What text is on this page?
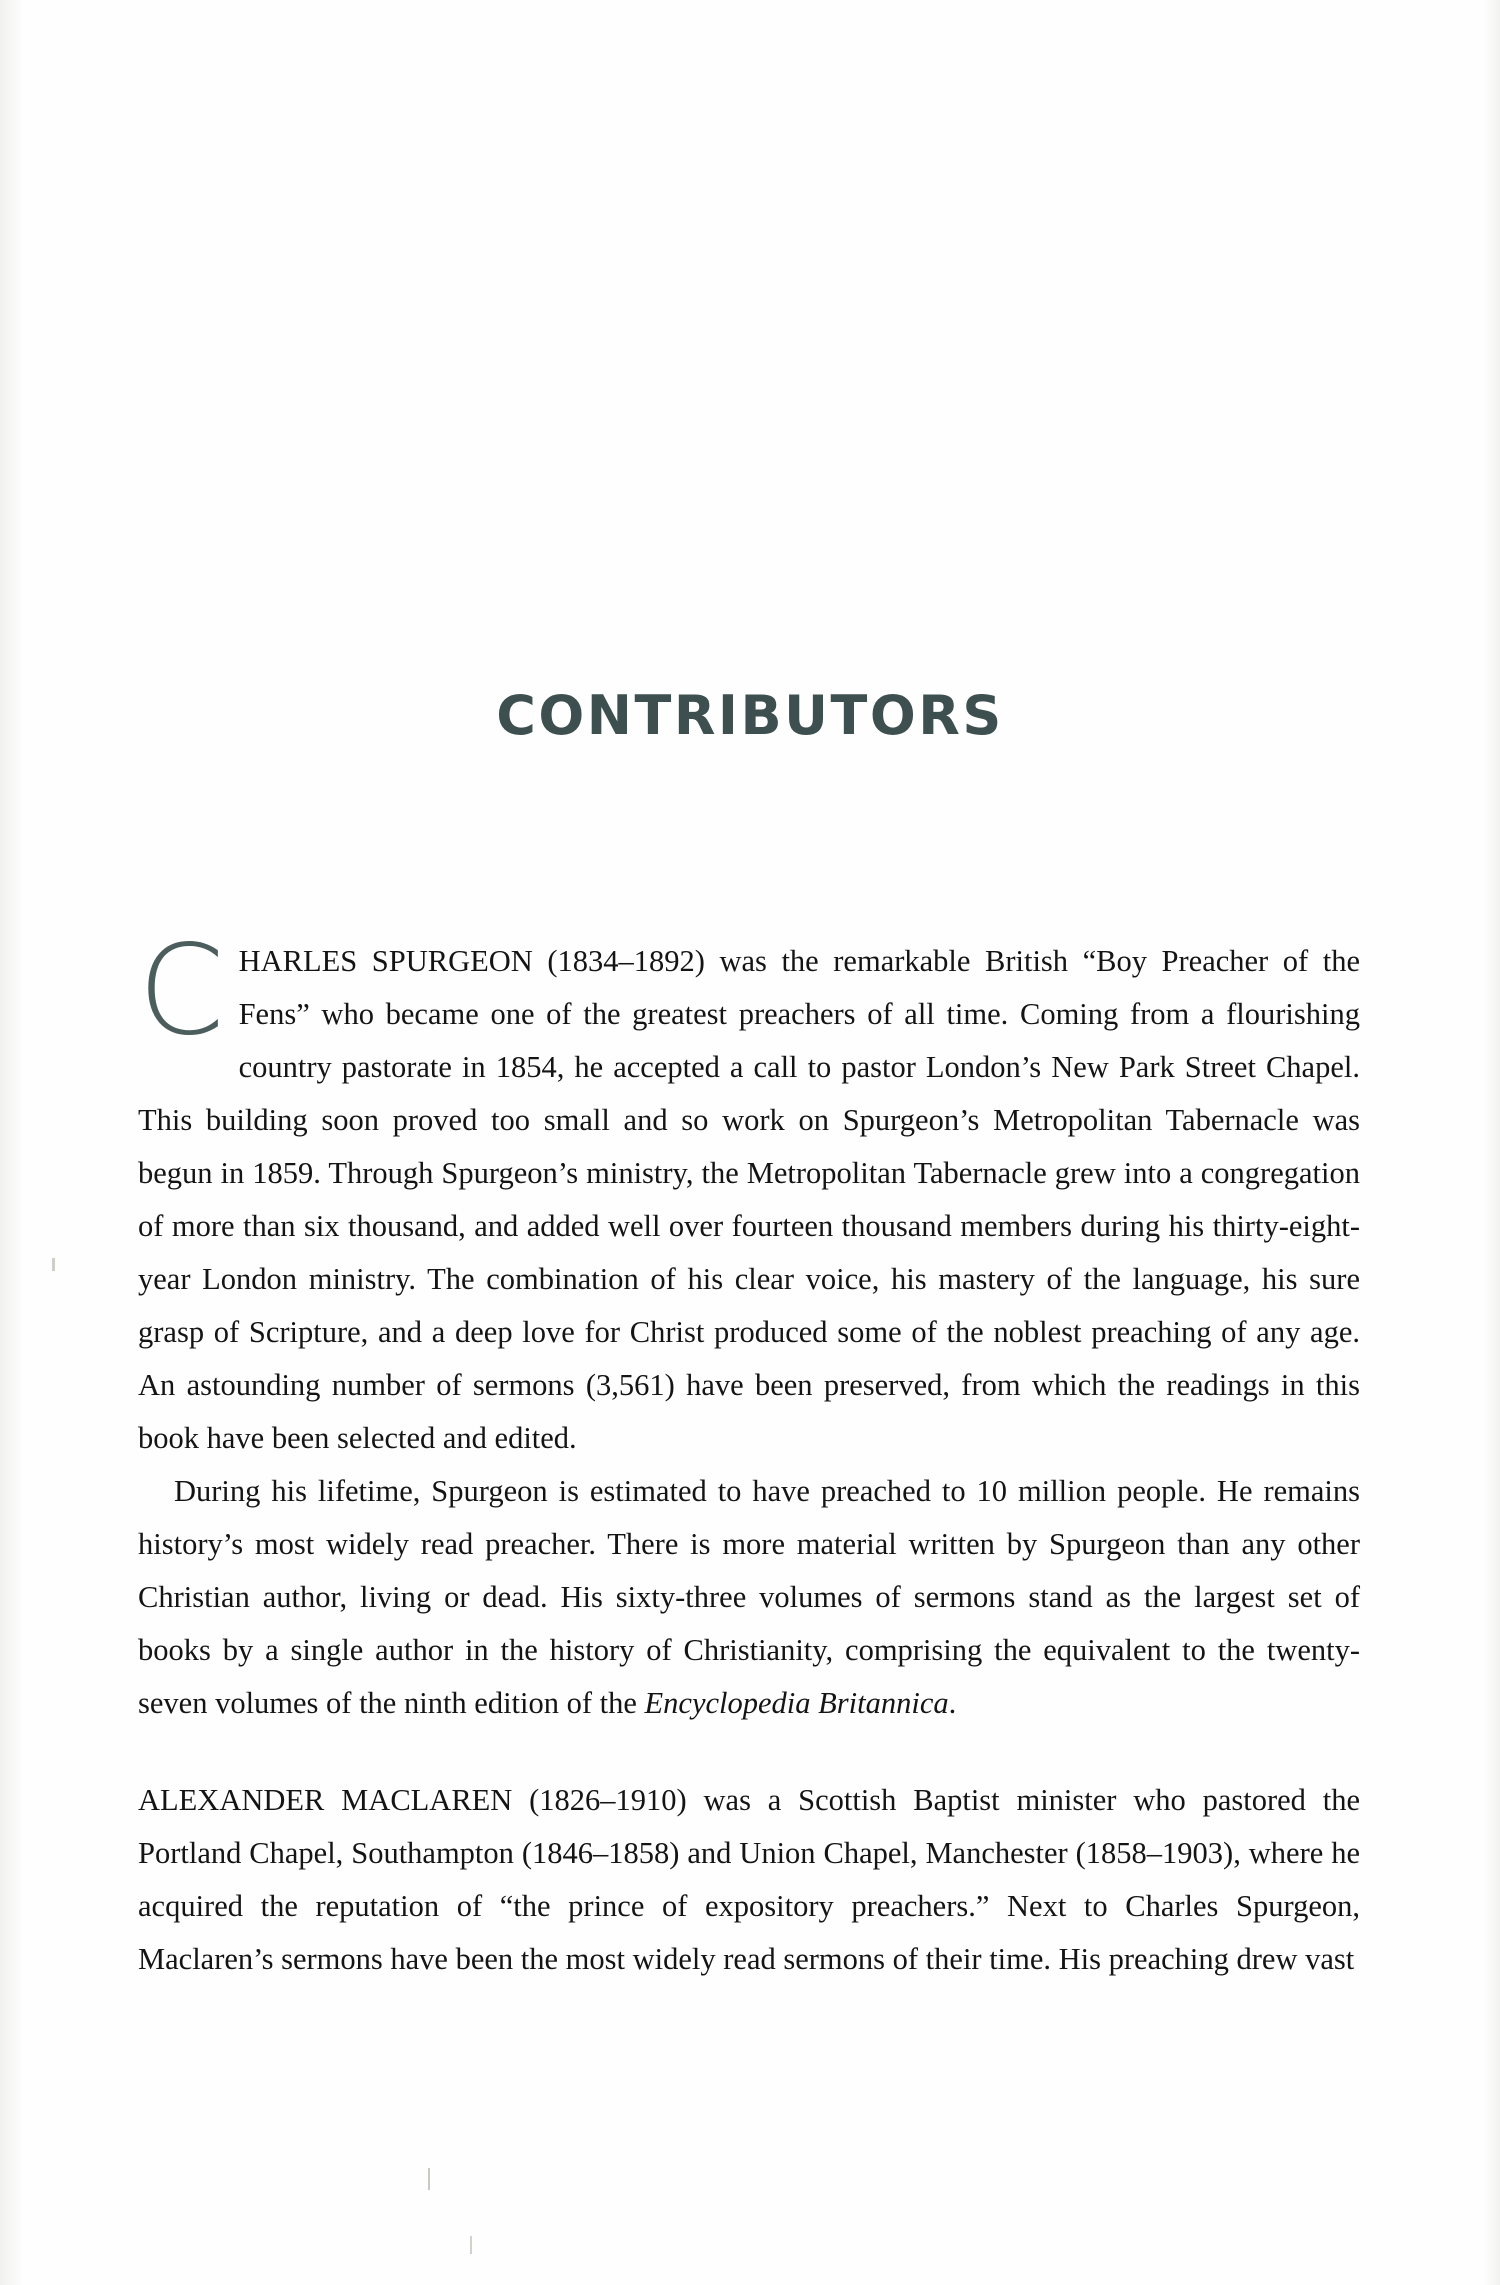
CONTRIBUTORS

CHARLES SPURGEON (1834–1892) was the remarkable British “Boy Preacher of the Fens” who became one of the greatest preachers of all time. Coming from a flourishing country pastorate in 1854, he accepted a call to pastor London’s New Park Street Chapel. This building soon proved too small and so work on Spurgeon’s Metropolitan Tabernacle was begun in 1859. Through Spurgeon’s ministry, the Metropolitan Tabernacle grew into a congregation of more than six thousand, and added well over fourteen thousand members during his thirty-eight-year London ministry. The combination of his clear voice, his mastery of the language, his sure grasp of Scripture, and a deep love for Christ produced some of the noblest preaching of any age. An astounding number of sermons (3,561) have been preserved, from which the readings in this book have been selected and edited.

During his lifetime, Spurgeon is estimated to have preached to 10 million people. He remains history’s most widely read preacher. There is more material written by Spurgeon than any other Christian author, living or dead. His sixty-three volumes of sermons stand as the largest set of books by a single author in the history of Christianity, comprising the equivalent to the twenty-seven volumes of the ninth edition of the Encyclopedia Britannica.

ALEXANDER MACLAREN (1826–1910) was a Scottish Baptist minister who pastored the Portland Chapel, Southampton (1846–1858) and Union Chapel, Manchester (1858–1903), where he acquired the reputation of “the prince of expository preachers.” Next to Charles Spurgeon, Maclaren’s sermons have been the most widely read sermons of their time. His preaching drew vast
